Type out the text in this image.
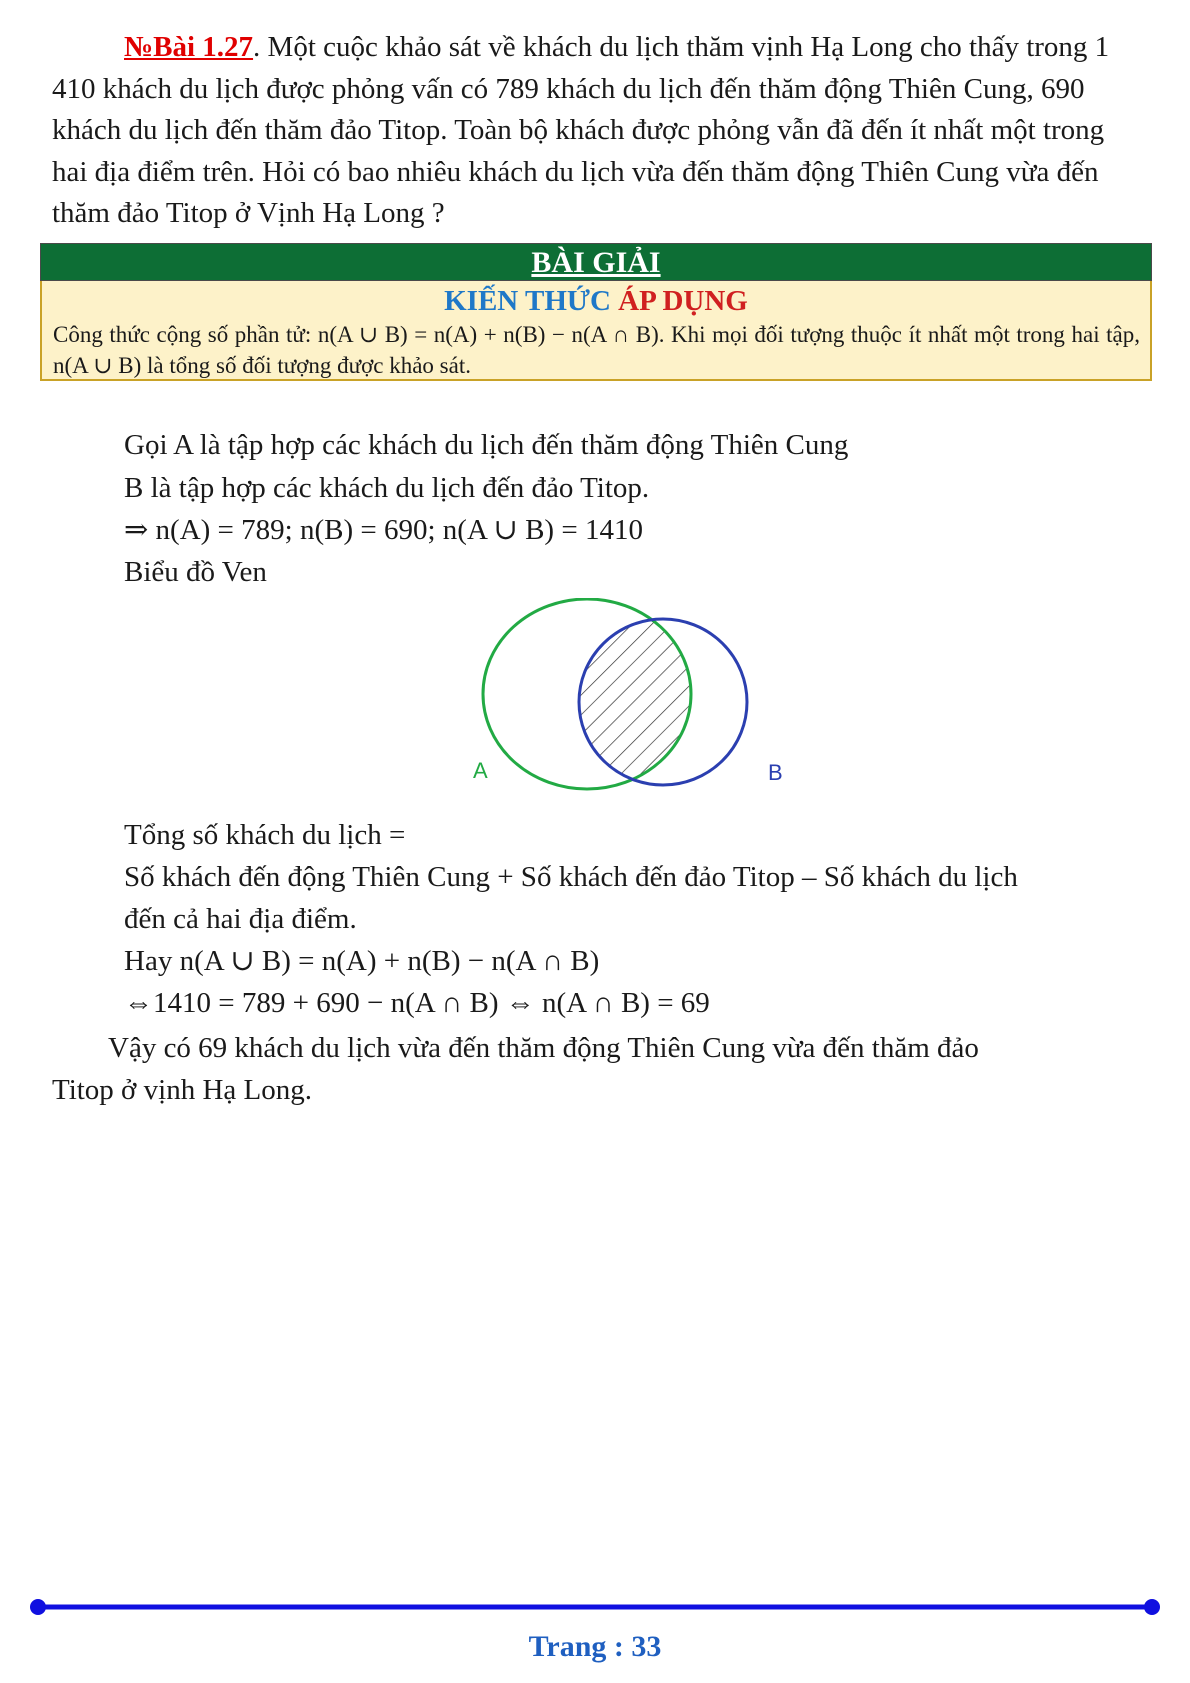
№Bài 1.27. Một cuộc khảo sát về khách du lịch thăm vịnh Hạ Long cho thấy trong 1 410 khách du lịch được phỏng vấn có 789 khách du lịch đến thăm động Thiên Cung, 690 khách du lịch đến thăm đảo Titop. Toàn bộ khách được phỏng vẫn đã đến ít nhất một trong hai địa điểm trên. Hỏi có bao nhiêu khách du lịch vừa đến thăm động Thiên Cung vừa đến thăm đảo Titop ở Vịnh Hạ Long ?
BÀI GIẢI
KIẾN THỨC ÁP DỤNG
Công thức cộng số phần tử: n(A ∪ B) = n(A) + n(B) − n(A ∩ B). Khi mọi đối tượng thuộc ít nhất một trong hai tập, n(A ∪ B) là tổng số đối tượng được khảo sát.
Gọi A là tập hợp các khách du lịch đến thăm động Thiên Cung
B là tập hợp các khách du lịch đến đảo Titop.
⇒ n(A) = 789; n(B) = 690; n(A ∪ B) = 1410
Biểu đồ Ven
A	B
Tổng số khách du lịch =
Số khách đến động Thiên Cung + Số khách đến đảo Titop – Số khách du lịch
đến cả hai địa điểm.
Hay n(A ∪ B) = n(A) + n(B) − n(A ∩ B)
⇔1410 = 789 + 690 − n(A ∩ B) ⇔ n(A ∩ B) = 69
Vậy có 69 khách du lịch vừa đến thăm động Thiên Cung vừa đến thăm đảo
Titop ở vịnh Hạ Long.
Trang : 33
